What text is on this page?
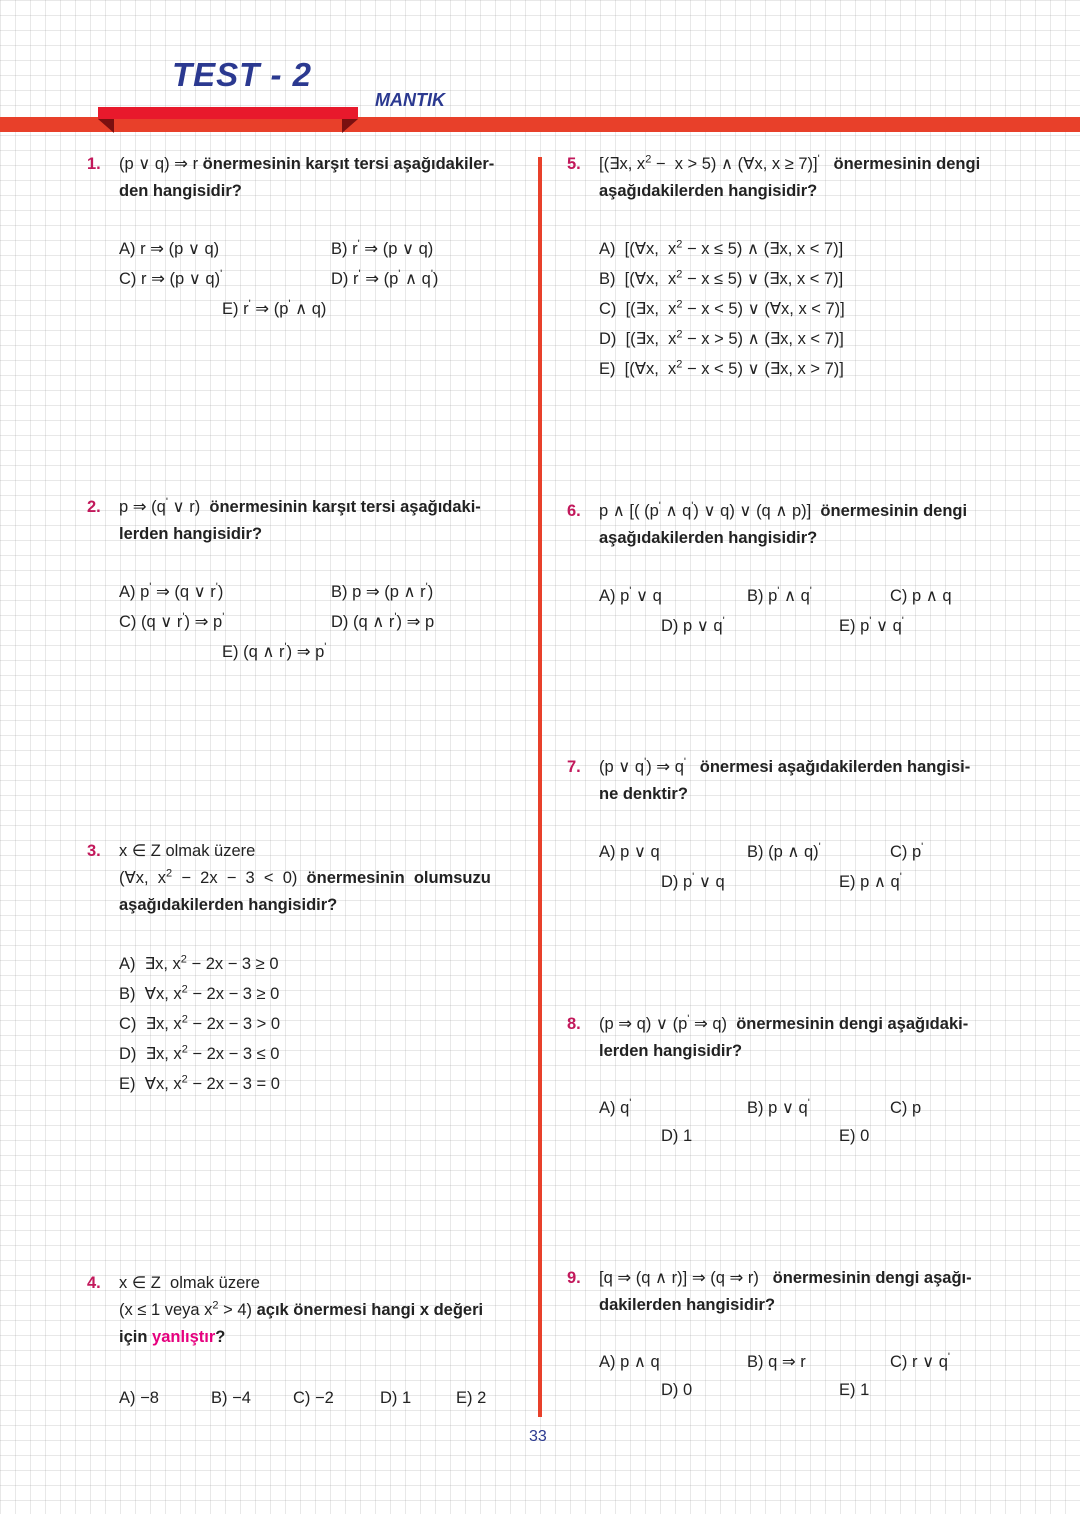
TEST - 2
MANTIK
1. (p ∨ q) ⇒ r önermesinin karşıt tersi aşağıdakiler-
den hangisidir?
A) r ⇒ (p ∨ q)	B) $r^ʹ$ ⇒ (p ∨ q)
C) r ⇒ (p ∨ q)$^ʹ$	D) $r^ʹ$ ⇒ ($p^ʹ$ ∧ $q^ʹ$)
E) $r^ʹ$ ⇒ ($p^ʹ$ ∧ q)
2. p ⇒ ($q^ʹ$ ∨ r)  önermesinin karşıt tersi aşağıdaki-
lerden hangisidir?
A) $p^ʹ$ ⇒ (q ∨ $r^ʹ$)	B) p ⇒ (p ∧ $r^ʹ$)
C) (q ∨ $r^ʹ$) ⇒ $p^ʹ$	D) (q ∧ $r^ʹ$) ⇒ p
E) (q ∧ $r^ʹ$) ⇒ $p^ʹ$
3. x ∈ Z olmak üzere
(∀x,  $x^2 - 2x - 3 < 0$)  önermesinin  olumsuzu
aşağıdakilerden hangisidir?
A)  ∃x, $x^2 - 2x - 3 \ge 0$
B)  ∀x, $x^2 - 2x - 3 \ge 0$
C)  ∃x, $x^2 - 2x - 3 > 0$
D)  ∃x, $x^2 - 2x - 3 \le 0$
E)  ∀x, $x^2 - 2x - 3 = 0$
4. x ∈ Z  olmak üzere
(x ≤ 1 veya $x^2 > 4$) açık önermesi hangi x değeri
için yanlıştır?
A) −8	B) −4	C) −2	D) 1	E) 2
5. [(∃x, $x^2 - x > 5$) ∧ (∀x, x ≥ 7)]$^ʹ$ önermesinin dengi
aşağıdakilerden hangisidir?
A)  [(∀x,  $x^2 - x \le 5$) ∧ (∃x, x < 7)]
B)  [(∀x,  $x^2 - x \le 5$) ∨ (∃x, x < 7)]
C)  [(∃x,  $x^2 - x < 5$) ∨ (∀x, x < 7)]
D)  [(∃x,  $x^2 - x > 5$) ∧ (∃x, x < 7)]
E)  [(∀x,  $x^2 - x < 5$) ∨ (∃x, x > 7)]
6. p ∧ [( ($p^ʹ$ ∧ $q^ʹ$) ∨ q) ∨ (q ∧ p)]  önermesinin dengi
aşağıdakilerden hangisidir?
A) $p^ʹ$ ∨ q	B) $p^ʹ$ ∧ $q^ʹ$	C) p ∧ q
D) p ∨ $q^ʹ$	E) $p^ʹ$ ∨ $q^ʹ$
7. (p ∨ $q^ʹ$) ⇒ $q^ʹ$ önermesi aşağıdakilerden hangisi-
ne denktir?
A) p ∨ q	B) (p ∧ q)$^ʹ$	C) $p^ʹ$
D) $p^ʹ$ ∨ q	E) p ∧ $q^ʹ$
8. (p ⇒ q) ∨ ($p^ʹ$ ⇒ q)  önermesinin dengi aşağıdaki-
lerden hangisidir?
A) $q^ʹ$	B) p ∨ $q^ʹ$	C) p
D) 1	E) 0
9. [q ⇒ (q ∧ r)] ⇒ (q ⇒ r)   önermesinin dengi aşağı-
dakilerden hangisidir?
A) p ∧ q	B) q ⇒ r	C) r ∨ $q^ʹ$
D) 0	E) 1
33
